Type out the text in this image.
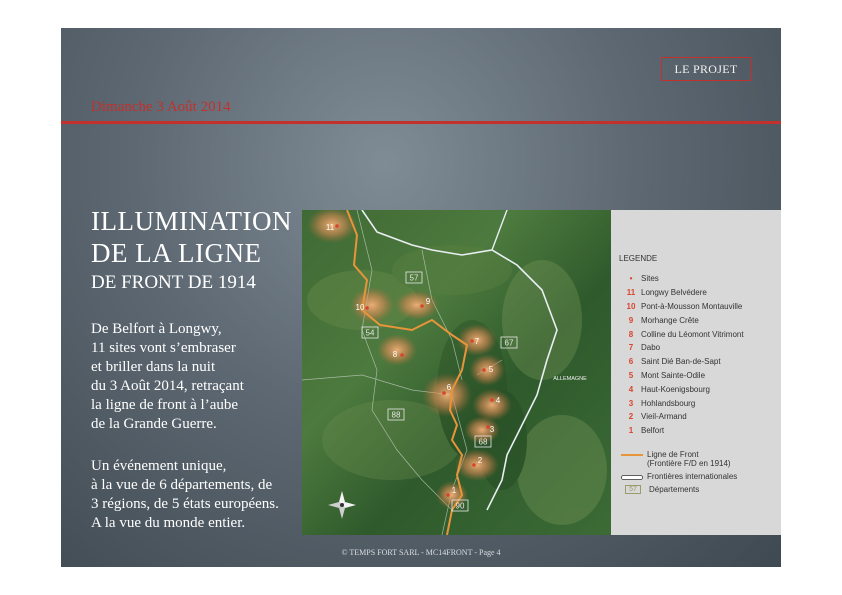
LE PROJET
Dimanche 3 Août 2014
ILLUMINATION
DE LA LIGNE
DE FRONT DE 1914
De Belfort à Longwy,
11 sites vont s’embraser
et briller dans la nuit
du 3 Août 2014, retraçant
la ligne de front à l’aube
de la Grande Guerre.
Un événement unique,
à la vue de 6 départements, de
3 régions, de 5 états européens.
A la vue du monde entier.
57
67
54
88
68
90
1
2
3
4
5
6
7
8
9
10
11
ALLEMAGNE
LEGENDE
•	Sites
11 Longwy Belvédere
10 Pont-à-Mousson Montauville
9 Morhange Crête
8 Colline du Léomont Vitrimont
7 Dabo
6 Saint Dié Ban-de-Sapt
5 Mont Sainte-Odile
4 Haut-Koenigsbourg
3 Hohlandsbourg
2 Vieil-Armand
1 Belfort
Ligne de Front
(Frontière F/D en 1914)
Frontières internationales
57	Départements
© TEMPS FORT SARL - MC14FRONT - Page 4
